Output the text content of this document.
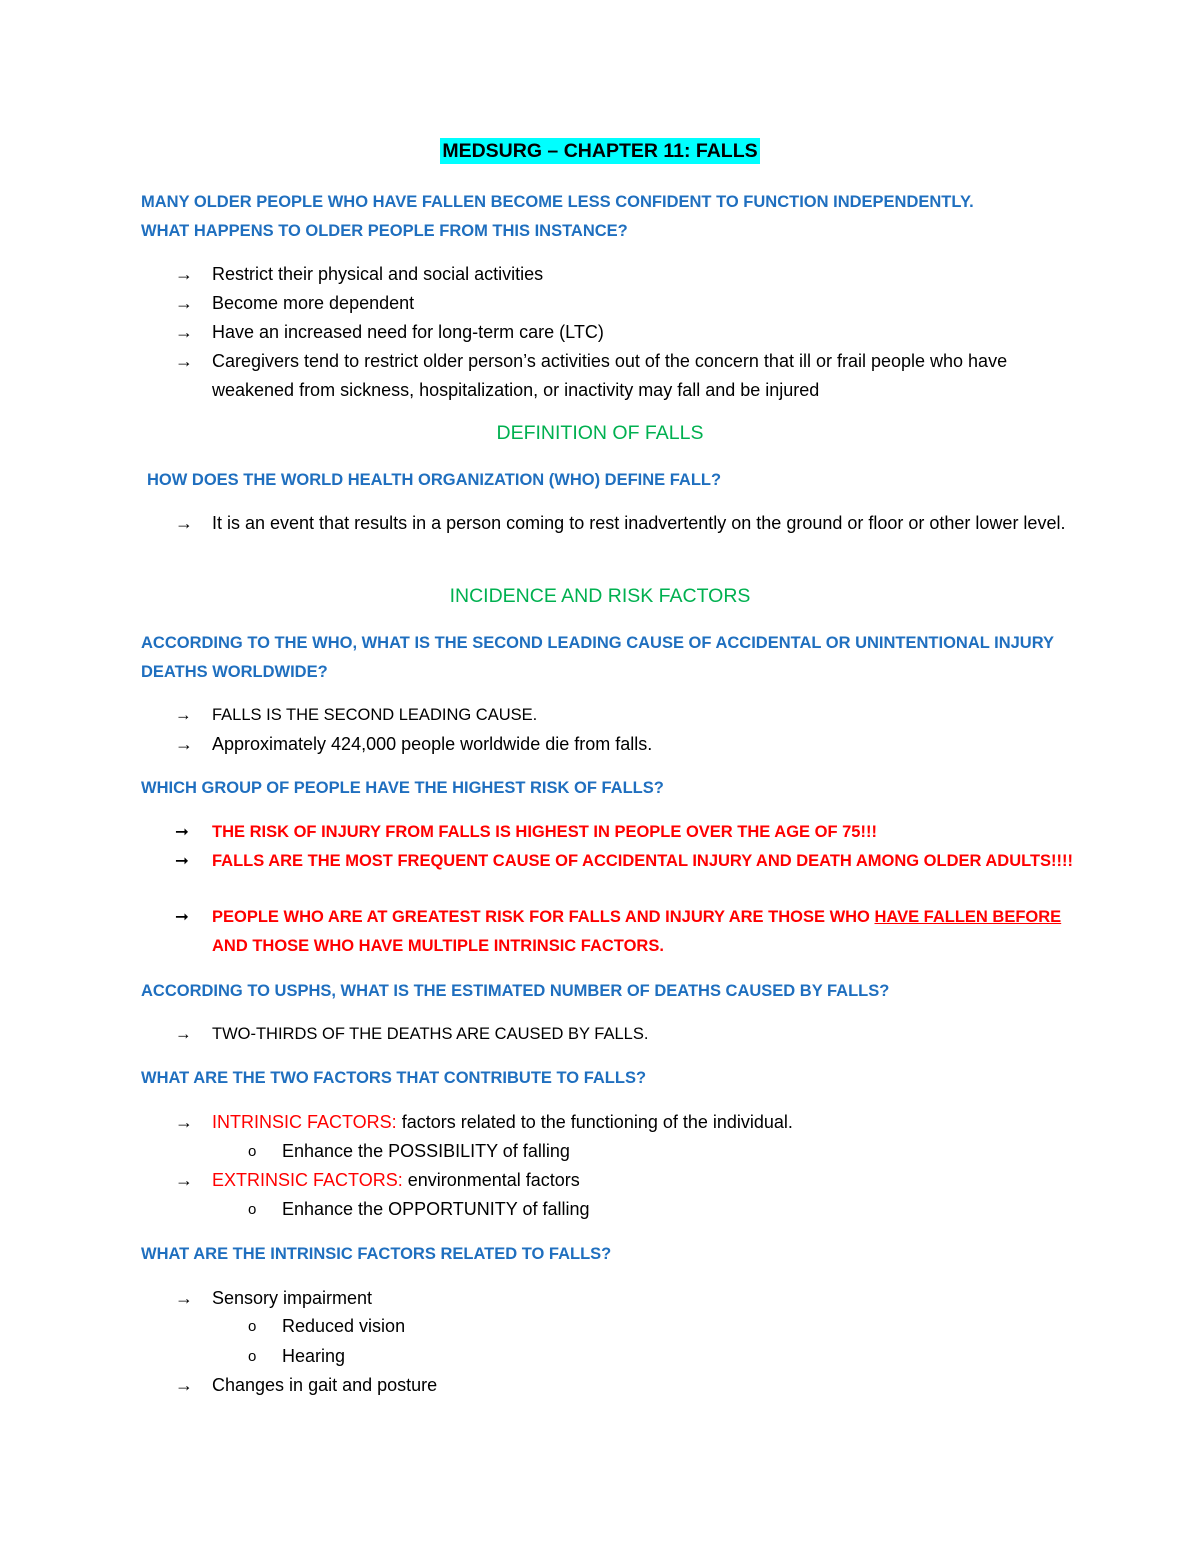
MEDSURG – CHAPTER 11: FALLS
MANY OLDER PEOPLE WHO HAVE FALLEN BECOME LESS CONFIDENT TO FUNCTION INDEPENDENTLY.
WHAT HAPPENS TO OLDER PEOPLE FROM THIS INSTANCE?
→	Restrict their physical and social activities
→	Become more dependent
→	Have an increased need for long-term care (LTC)
→	Caregivers tend to restrict older person’s activities out of the concern that ill or frail people who have weakened from sickness, hospitalization, or inactivity may fall and be injured
DEFINITION OF FALLS
HOW DOES THE WORLD HEALTH ORGANIZATION (WHO) DEFINE FALL?
→	It is an event that results in a person coming to rest inadvertently on the ground or floor or other lower level.
INCIDENCE AND RISK FACTORS
ACCORDING TO THE WHO, WHAT IS THE SECOND LEADING CAUSE OF ACCIDENTAL OR UNINTENTIONAL INJURY DEATHS WORLDWIDE?
→	FALLS IS THE SECOND LEADING CAUSE.
→	Approximately 424,000 people worldwide die from falls.
WHICH GROUP OF PEOPLE HAVE THE HIGHEST RISK OF FALLS?
➞	THE RISK OF INJURY FROM FALLS IS HIGHEST IN PEOPLE OVER THE AGE OF 75!!!
➞	FALLS ARE THE MOST FREQUENT CAUSE OF ACCIDENTAL INJURY AND DEATH AMONG OLDER ADULTS!!!!
➞	PEOPLE WHO ARE AT GREATEST RISK FOR FALLS AND INJURY ARE THOSE WHO HAVE FALLEN BEFORE AND THOSE WHO HAVE MULTIPLE INTRINSIC FACTORS.
ACCORDING TO USPHS, WHAT IS THE ESTIMATED NUMBER OF DEATHS CAUSED BY FALLS?
→	TWO-THIRDS OF THE DEATHS ARE CAUSED BY FALLS.
WHAT ARE THE TWO FACTORS THAT CONTRIBUTE TO FALLS?
→	INTRINSIC FACTORS: factors related to the functioning of the individual.
o Enhance the POSSIBILITY of falling
→	EXTRINSIC FACTORS: environmental factors
o Enhance the OPPORTUNITY of falling
WHAT ARE THE INTRINSIC FACTORS RELATED TO FALLS?
→	Sensory impairment
o Reduced vision
o Hearing
→	Changes in gait and posture
